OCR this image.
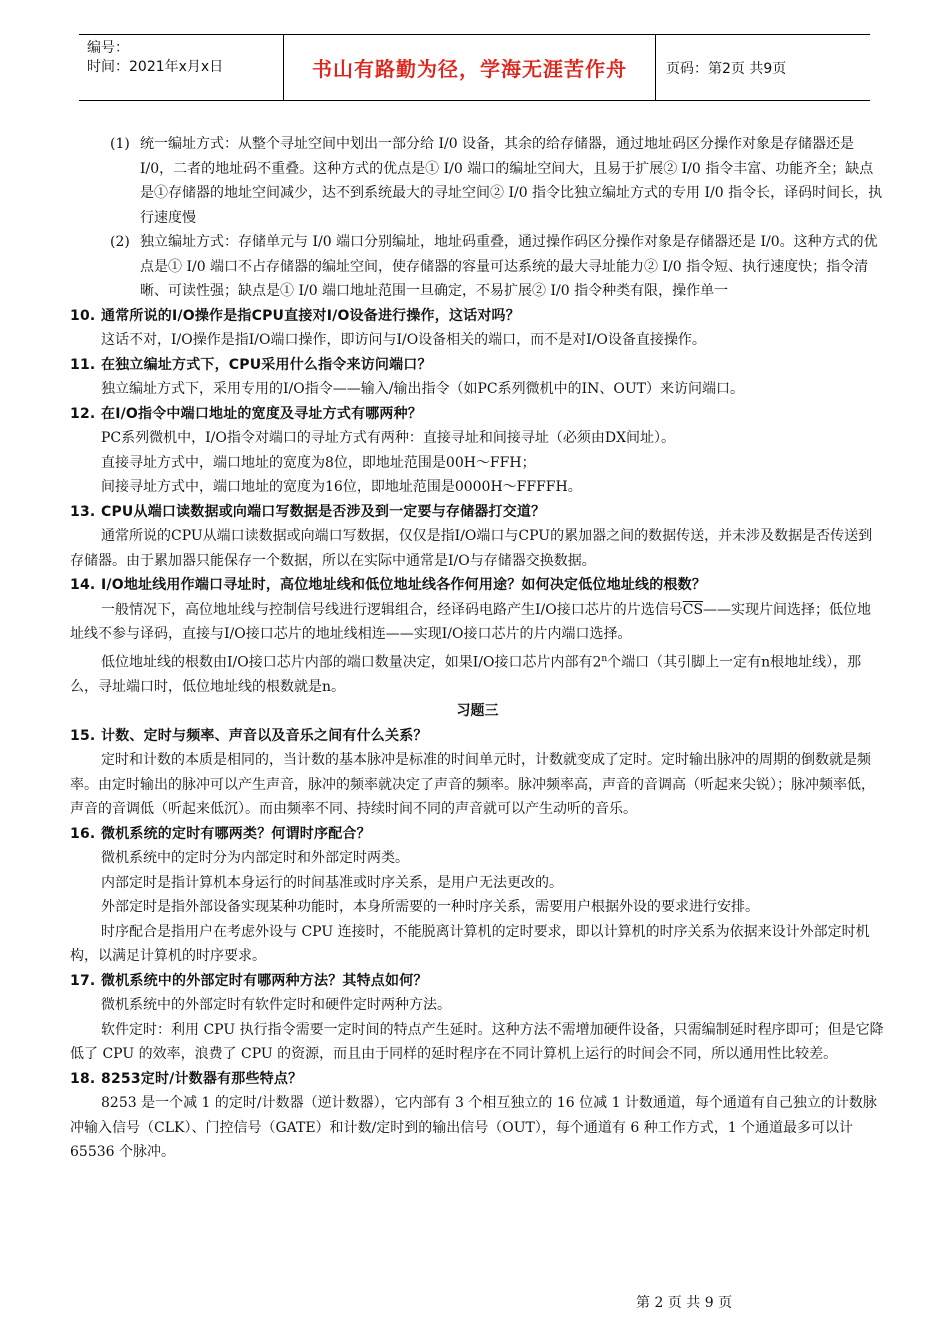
编号：
时间：2021年x月x日	书山有路勤为径，学海无涯苦作舟	页码：第2页 共9页
(1) 统一编址方式：从整个寻址空间中划出一部分给 I/0 设备，其余的给存储器，通过地址码区分操作对象是存储器还是 I/0，二者的地址码不重叠。这种方式的优点是① I/0 端口的编址空间大，且易于扩展② I/0 指令丰富、功能齐全；缺点是①存储器的地址空间减少，达不到系统最大的寻址空间② I/0 指令比独立编址方式的专用 I/0 指令长，译码时间长，执行速度慢
(2) 独立编址方式：存储单元与 I/0 端口分别编址，地址码重叠，通过操作码区分操作对象是存储器还是 I/0。这种方式的优点是① I/0 端口不占存储器的编址空间，使存储器的容量可达系统的最大寻址能力② I/0 指令短、执行速度快；指令清晰、可读性强；缺点是① I/0 端口地址范围一旦确定，不易扩展② I/0 指令种类有限，操作单一
10. 通常所说的I/O操作是指CPU直接对I/O设备进行操作，这话对吗？
这话不对，I/O操作是指I/O端口操作，即访问与I/O设备相关的端口，而不是对I/O设备直接操作。
11. 在独立编址方式下，CPU采用什么指令来访问端口？
独立编址方式下，采用专用的I/O指令——输入/输出指令（如PC系列微机中的IN、OUT）来访问端口。
12. 在I/O指令中端口地址的宽度及寻址方式有哪两种？
PC系列微机中，I/O指令对端口的寻址方式有两种：直接寻址和间接寻址（必须由DX间址）。
直接寻址方式中，端口地址的宽度为8位，即地址范围是00H～FFH；
间接寻址方式中，端口地址的宽度为16位，即地址范围是0000H～FFFFH。
13. CPU从端口读数据或向端口写数据是否涉及到一定要与存储器打交道？
通常所说的CPU从端口读数据或向端口写数据，仅仅是指I/O端口与CPU的累加器之间的数据传送，并未涉及数据是否传送到存储器。由于累加器只能保存一个数据，所以在实际中通常是I/O与存储器交换数据。
14. I/O地址线用作端口寻址时，高位地址线和低位地址线各作何用途？如何决定低位地址线的根数？
一般情况下，高位地址线与控制信号线进行逻辑组合，经译码电路产生I/O接口芯片的片选信号$\overline{CS}——$实现片间选择；低位地址线不参与译码，直接与I/O接口芯片的地址线相连——实现I/O接口芯片的片内端口选择。
低位地址线的根数由I/O接口芯片内部的端口数量决定，如果I/O接口芯片内部有2$^n$个端口（其引脚上一定有n根地址线），那么，寻址端口时，低位地址线的根数就是n。
习题三
15. 计数、定时与频率、声音以及音乐之间有什么关系？
定时和计数的本质是相同的，当计数的基本脉冲是标准的时间单元时，计数就变成了定时。定时输出脉冲的周期的倒数就是频率。由定时输出的脉冲可以产生声音，脉冲的频率就决定了声音的频率。脉冲频率高，声音的音调高（听起来尖锐）；脉冲频率低，声音的音调低（听起来低沉）。而由频率不同、持续时间不同的声音就可以产生动听的音乐。
16. 微机系统的定时有哪两类？何谓时序配合？
微机系统中的定时分为内部定时和外部定时两类。
内部定时是指计算机本身运行的时间基准或时序关系，是用户无法更改的。
外部定时是指外部设备实现某种功能时，本身所需要的一种时序关系，需要用户根据外设的要求进行安排。
时序配合是指用户在考虑外设与 CPU 连接时，不能脱离计算机的定时要求，即以计算机的时序关系为依据来设计外部定时机构，以满足计算机的时序要求。
17. 微机系统中的外部定时有哪两种方法？其特点如何？
微机系统中的外部定时有软件定时和硬件定时两种方法。
软件定时：利用 CPU 执行指令需要一定时间的特点产生延时。这种方法不需增加硬件设备，只需编制延时程序即可；但是它降低了 CPU 的效率，浪费了 CPU 的资源，而且由于同样的延时程序在不同计算机上运行的时间会不同，所以通用性比较差。
18. 8253定时/计数器有那些特点？
8253 是一个减 1 的定时/计数器（逆计数器），它内部有 3 个相互独立的 16 位减 1 计数通道，每个通道有自己独立的计数脉冲输入信号（CLK）、门控信号（GATE）和计数/定时到的输出信号（OUT），每个通道有 6 种工作方式，1 个通道最多可以计 65536 个脉冲。
第 2 页 共 9 页
